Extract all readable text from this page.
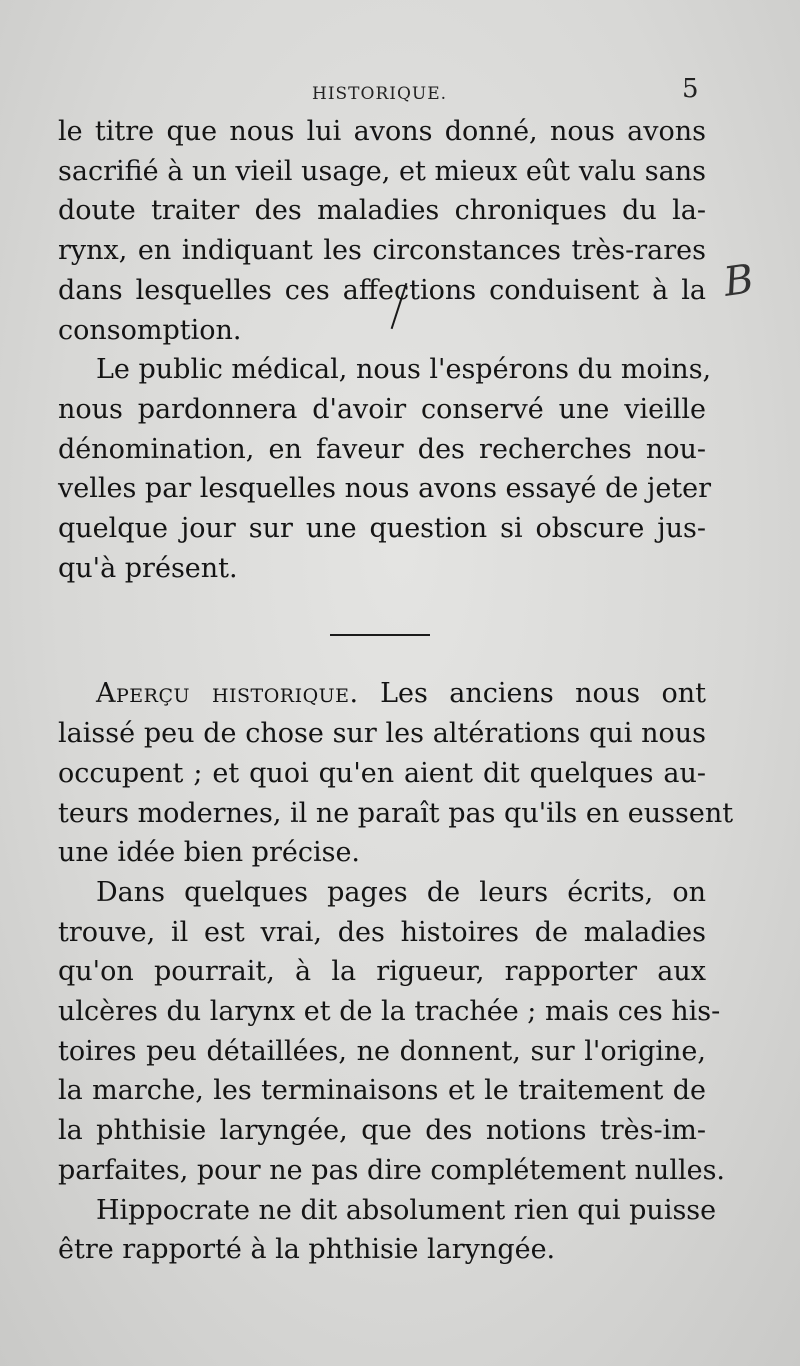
HISTORIQUE.	5
B
le titre que nous lui avons donné, nous avons
sacrifié à un vieil usage, et mieux eût valu sans
doute traiter des maladies chroniques du la-
rynx, en indiquant les circonstances très-rares
dans lesquelles ces affections conduisent à la
consomption.
Le public médical, nous l'espérons du moins,
nous pardonnera d'avoir conservé une vieille
dénomination, en faveur des recherches nou-
velles par lesquelles nous avons essayé de jeter
quelque jour sur une question si obscure jus-
qu'à présent.
Aperçu historique. Les anciens nous ont
laissé peu de chose sur les altérations qui nous
occupent ; et quoi qu'en aient dit quelques au-
teurs modernes, il ne paraît pas qu'ils en eussent
une idée bien précise.
Dans quelques pages de leurs écrits, on
trouve, il est vrai, des histoires de maladies
qu'on pourrait, à la rigueur, rapporter aux
ulcères du larynx et de la trachée ; mais ces his-
toires peu détaillées, ne donnent, sur l'origine,
la marche, les terminaisons et le traitement de
la phthisie laryngée, que des notions très-im-
parfaites, pour ne pas dire complétement nulles.
Hippocrate ne dit absolument rien qui puisse
être rapporté à la phthisie laryngée.
